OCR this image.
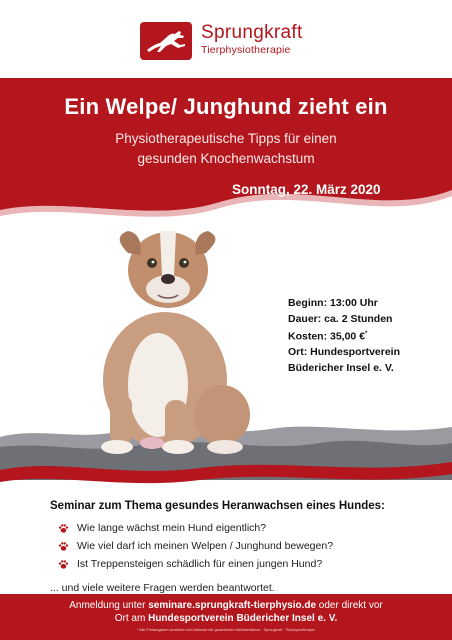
Sprungkraft
Tierphysiotherapie
Ein Welpe/ Junghund zieht ein
Physiotherapeutische Tipps für einen
gesunden Knochenwachstum
Sonntag, 22. März 2020
Beginn: 13:00 Uhr
Dauer: ca. 2 Stunden
Kosten: 35,00 €*
Ort: Hundesportverein
Büdericher Insel e. V.
Seminar zum Thema gesundes Heranwachsen eines Hundes:
Wie lange wächst mein Hund eigentlich?
Wie viel darf ich meinen Welpen / Junghund bewegen?
Ist Treppensteigen schädlich für einen jungen Hund?
... und viele weitere Fragen werden beantwortet.
Anmeldung unter seminare.sprungkraft-tierphysio.de oder direkt vor
Ort am Hundesportverein Büdericher Insel e. V.
* Alle Preisangaben verstehen sich inklusive der gesetzlichen Mehrwertsteuer · Sprungkraft · Tierphysiotherapie
